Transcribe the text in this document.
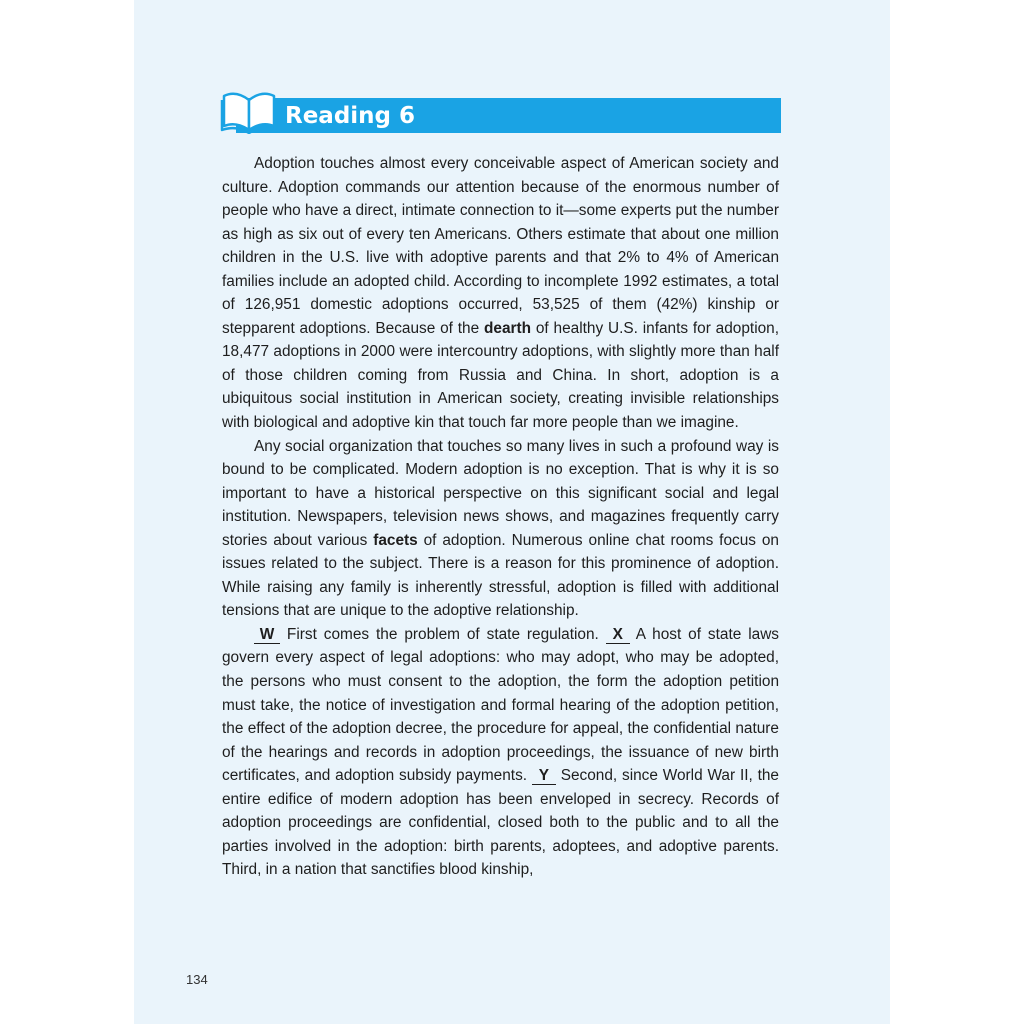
Reading 6

Adoption touches almost every conceivable aspect of American society and culture. Adoption commands our attention because of the enormous number of people who have a direct, intimate connection to it—some experts put the number as high as six out of every ten Americans. Others estimate that about one million children in the U.S. live with adoptive parents and that 2% to 4% of American families include an adopted child. According to incomplete 1992 estimates, a total of 126,951 domestic adoptions occurred, 53,525 of them (42%) kinship or stepparent adoptions. Because of the dearth of healthy U.S. infants for adoption, 18,477 adoptions in 2000 were intercountry adoptions, with slightly more than half of those children coming from Russia and China. In short, adoption is a ubiquitous social institution in American society, creating invisible relationships with biological and adoptive kin that touch far more people than we imagine.

Any social organization that touches so many lives in such a profound way is bound to be complicated. Modern adoption is no exception. That is why it is so important to have a historical perspective on this significant social and legal institution. Newspapers, television news shows, and magazines frequently carry stories about various facets of adoption. Numerous online chat rooms focus on issues related to the subject. There is a reason for this prominence of adoption. While raising any family is inherently stressful, adoption is filled with additional tensions that are unique to the adoptive relationship.

W First comes the problem of state regulation. X A host of state laws govern every aspect of legal adoptions: who may adopt, who may be adopted, the persons who must consent to the adoption, the form the adoption petition must take, the notice of investigation and formal hearing of the adoption petition, the effect of the adoption decree, the procedure for appeal, the confidential nature of the hearings and records in adoption proceedings, the issuance of new birth certificates, and adoption subsidy payments. Y Second, since World War II, the entire edifice of modern adoption has been enveloped in secrecy. Records of adoption proceedings are confidential, closed both to the public and to all the parties involved in the adoption: birth parents, adoptees, and adoptive parents. Third, in a nation that sanctifies blood kinship,

134
